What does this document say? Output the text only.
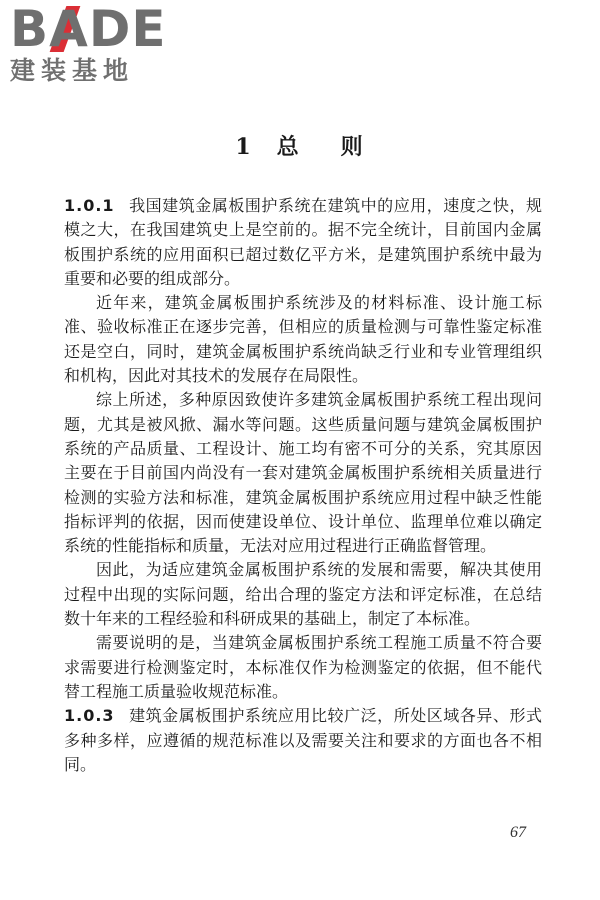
B A DE
建装基地
1 总 则

1.0.1 我国建筑金属板围护系统在建筑中的应用，速度之快，规模之大，在我国建筑史上是空前的。据不完全统计，目前国内金属板围护系统的应用面积已超过数亿平方米，是建筑围护系统中最为重要和必要的组成部分。

近年来，建筑金属板围护系统涉及的材料标准、设计施工标准、验收标准正在逐步完善，但相应的质量检测与可靠性鉴定标准还是空白，同时，建筑金属板围护系统尚缺乏行业和专业管理组织和机构，因此对其技术的发展存在局限性。

综上所述，多种原因致使许多建筑金属板围护系统工程出现问题，尤其是被风掀、漏水等问题。这些质量问题与建筑金属板围护系统的产品质量、工程设计、施工均有密不可分的关系，究其原因主要在于目前国内尚没有一套对建筑金属板围护系统相关质量进行检测的实验方法和标准，建筑金属板围护系统应用过程中缺乏性能指标评判的依据，因而使建设单位、设计单位、监理单位难以确定系统的性能指标和质量，无法对应用过程进行正确监督管理。

因此，为适应建筑金属板围护系统的发展和需要，解决其使用过程中出现的实际问题，给出合理的鉴定方法和评定标准，在总结数十年来的工程经验和科研成果的基础上，制定了本标准。

需要说明的是，当建筑金属板围护系统工程施工质量不符合要求需要进行检测鉴定时，本标准仅作为检测鉴定的依据，但不能代替工程施工质量验收规范标准。

1.0.3 建筑金属板围护系统应用比较广泛，所处区域各异、形式多种多样，应遵循的规范标准以及需要关注和要求的方面也各不相同。

67
